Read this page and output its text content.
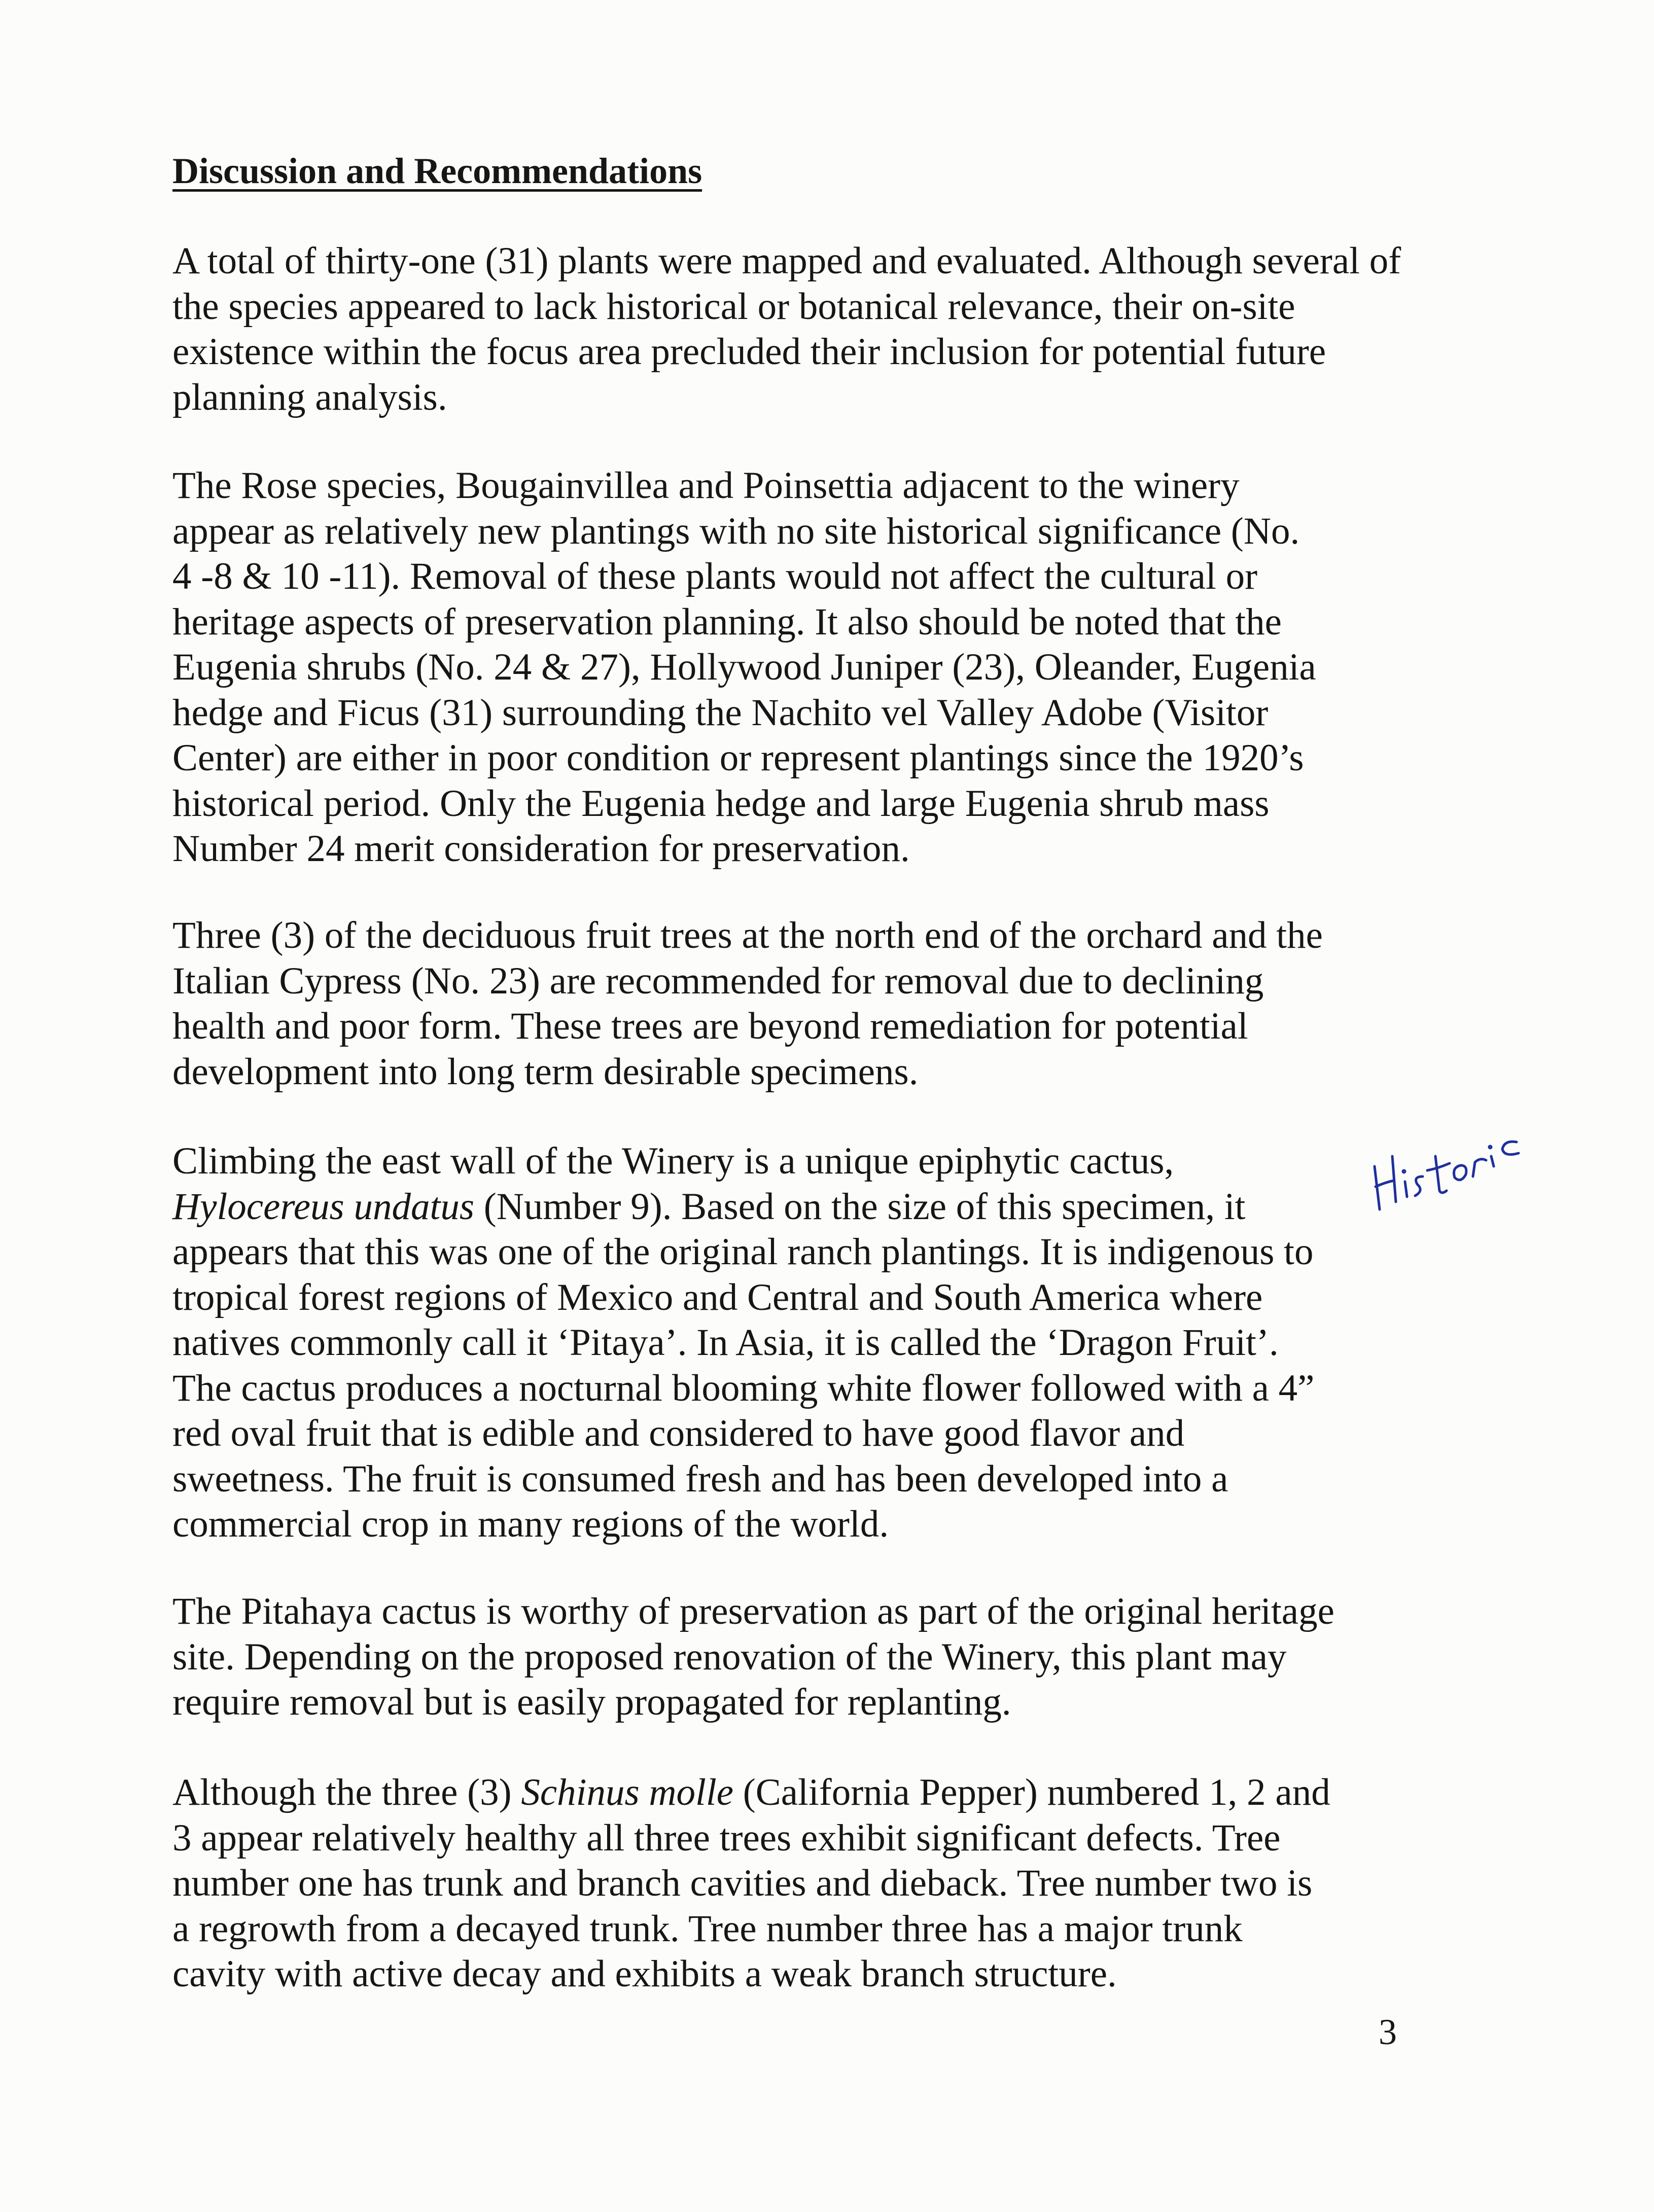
Discussion and Recommendations

A total of thirty-one (31) plants were mapped and evaluated. Although several of
the species appeared to lack historical or botanical relevance, their on-site
existence within the focus area precluded their inclusion for potential future
planning analysis.

The Rose species, Bougainvillea and Poinsettia adjacent to the winery
appear as relatively new plantings with no site historical significance (No.
4 -8 & 10 -11). Removal of these plants would not affect the cultural or
heritage aspects of preservation planning. It also should be noted that the
Eugenia shrubs (No. 24 & 27), Hollywood Juniper (23), Oleander, Eugenia
hedge and Ficus (31) surrounding the Nachito vel Valley Adobe (Visitor
Center) are either in poor condition or represent plantings since the 1920’s
historical period. Only the Eugenia hedge and large Eugenia shrub mass
Number 24 merit consideration for preservation.

Three (3) of the deciduous fruit trees at the north end of the orchard and the
Italian Cypress (No. 23) are recommended for removal due to declining
health and poor form. These trees are beyond remediation for potential
development into long term desirable specimens.

Climbing the east wall of the Winery is a unique epiphytic cactus,
Hylocereus undatus (Number 9). Based on the size of this specimen, it
appears that this was one of the original ranch plantings. It is indigenous to
tropical forest regions of Mexico and Central and South America where
natives commonly call it ‘Pitaya’. In Asia, it is called the ‘Dragon Fruit’.
The cactus produces a nocturnal blooming white flower followed with a 4”
red oval fruit that is edible and considered to have good flavor and
sweetness. The fruit is consumed fresh and has been developed into a
commercial crop in many regions of the world.

The Pitahaya cactus is worthy of preservation as part of the original heritage
site. Depending on the proposed renovation of the Winery, this plant may
require removal but is easily propagated for replanting.

Although the three (3) Schinus molle (California Pepper) numbered 1, 2 and
3 appear relatively healthy all three trees exhibit significant defects. Tree
number one has trunk and branch cavities and dieback. Tree number two is
a regrowth from a decayed trunk. Tree number three has a major trunk
cavity with active decay and exhibits a weak branch structure.

3
